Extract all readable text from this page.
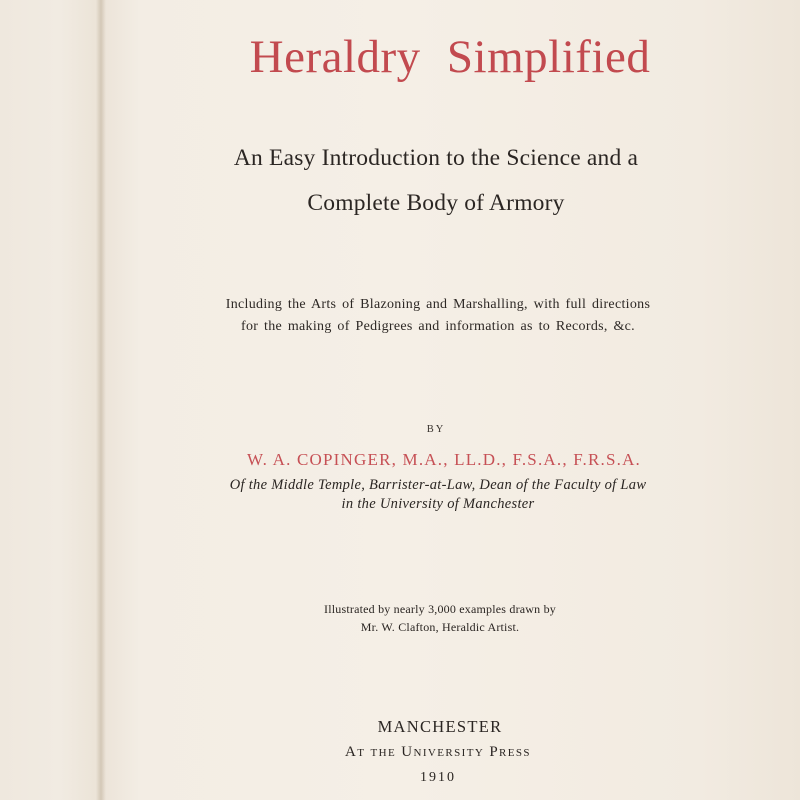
Heraldry Simplified
An Easy Introduction to the Science and a
Complete Body of Armory
Including the Arts of Blazoning and Marshalling, with full directions
for the making of Pedigrees and information as to Records, &c.
BY
W. A. COPINGER, M.A., LL.D., F.S.A., F.R.S.A.
Of the Middle Temple, Barrister-at-Law, Dean of the Faculty of Law
in the University of Manchester
Illustrated by nearly 3,000 examples drawn by
Mr. W. Clafton, Heraldic Artist.
MANCHESTER
At the University Press
1910
